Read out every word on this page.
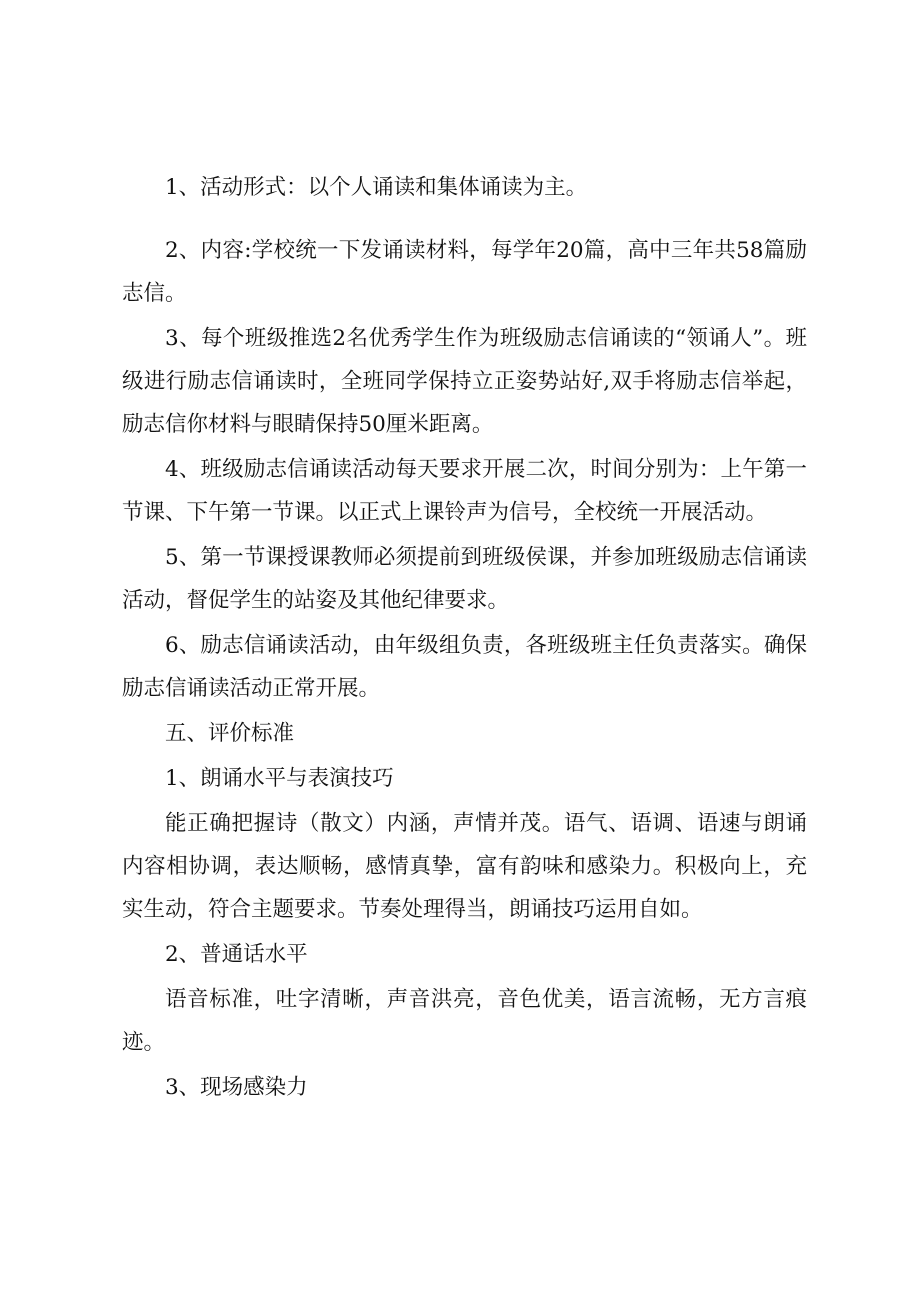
1、活动形式：以个人诵读和集体诵读为主。

2、内容:学校统一下发诵读材料，每学年20篇，高中三年共58篇励志信。

3、每个班级推选2名优秀学生作为班级励志信诵读的“领诵人”。班级进行励志信诵读时，全班同学保持立正姿势站好,双手将励志信举起，励志信你材料与眼睛保持50厘米距离。

4、班级励志信诵读活动每天要求开展二次，时间分别为：上午第一节课、下午第一节课。以正式上课铃声为信号，全校统一开展活动。

5、第一节课授课教师必须提前到班级侯课，并参加班级励志信诵读活动，督促学生的站姿及其他纪律要求。

6、励志信诵读活动，由年级组负责，各班级班主任负责落实。确保励志信诵读活动正常开展。

五、评价标准

1、朗诵水平与表演技巧

能正确把握诗（散文）内涵，声情并茂。语气、语调、语速与朗诵内容相协调，表达顺畅，感情真挚，富有韵味和感染力。积极向上，充实生动，符合主题要求。节奏处理得当，朗诵技巧运用自如。

2、普通话水平

语音标准，吐字清晰，声音洪亮，音色优美，语言流畅，无方言痕迹。

3、现场感染力
